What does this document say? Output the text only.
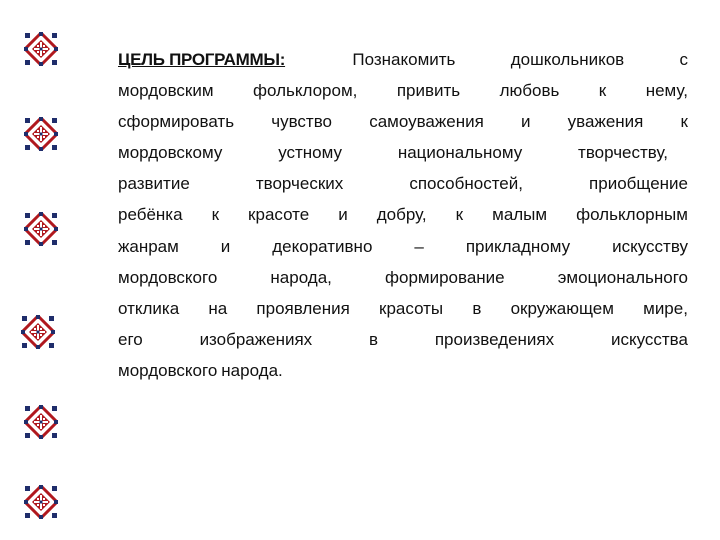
ЦЕЛЬ ПРОГРАММЫ:	Познакомить	дошкольников	с
мордовским фольклором, привить любовь к нему,
сформировать чувство самоуважения и уважения к
мордовскому	устному	национальному	творчеству,
развитие	творческих	способностей,	приобщение
ребёнка к красоте и добру, к малым фольклорным
жанрам и декоративно – прикладному искусству
мордовского	народа,	формирование	эмоционального
отклика на проявления красоты в окружающем мире,
его	изображениях	в	произведениях	искусства
мордовского народа.
